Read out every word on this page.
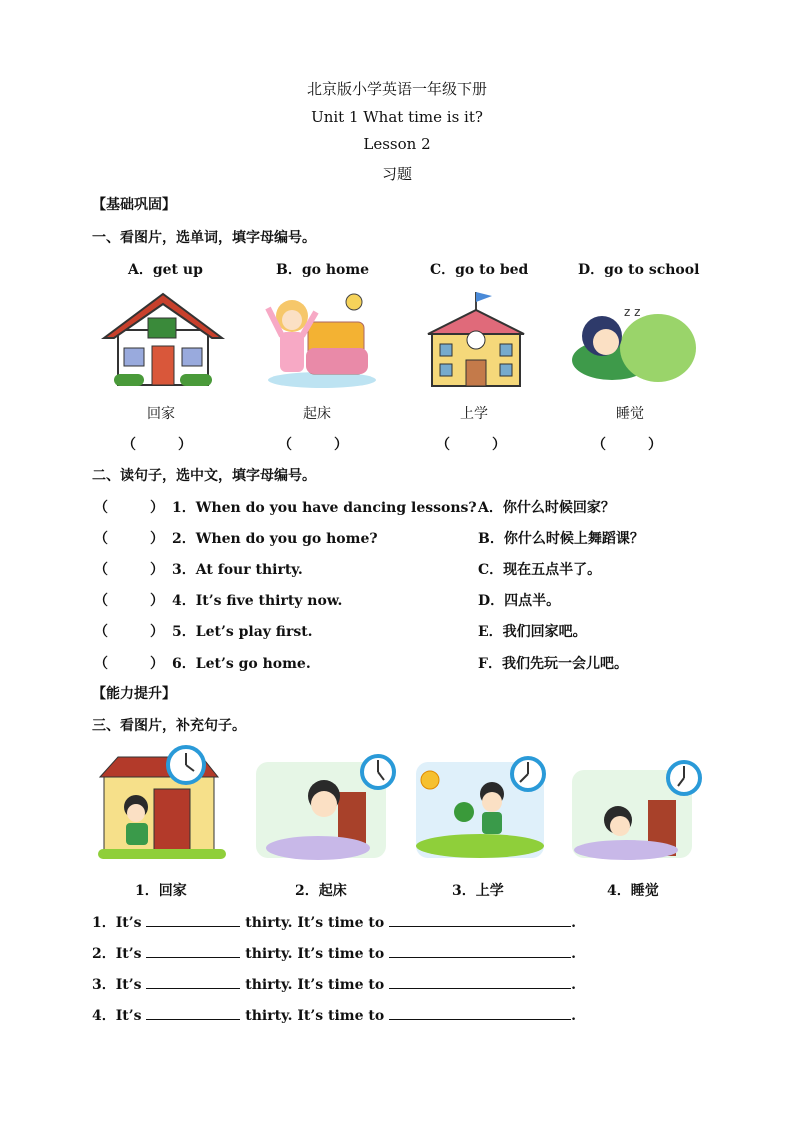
北京版小学英语一年级下册
Unit 1 What time is it?
Lesson 2
习题
【基础巩固】
一、看图片，选单词，填字母编号。
A．get up	B．go home	C．go to bed	D．go to school
z z
回家	起床	上学	睡觉
（　　　）	（　　　）	（　　　）	（　　　）
二、读句子，选中文，填字母编号。
（　　　） 1．When do you have dancing lessons? A．你什么时候回家？
（　　　） 2．When do you go home?	B．你什么时候上舞蹈课？
（　　　） 3．At four thirty.	C．现在五点半了。
（　　　） 4．It’s five thirty now.	D．四点半。
（　　　） 5．Let’s play first.	E．我们回家吧。
（　　　） 6．Let’s go home.	F．我们先玩一会儿吧。
【能力提升】
三、看图片，补充句子。
1．回家	2．起床	3．上学	4．睡觉
1．It’s	thirty. It’s time to	.
2．It’s	thirty. It’s time to	.
3．It’s	thirty. It’s time to	.
4．It’s	thirty. It’s time to	.
